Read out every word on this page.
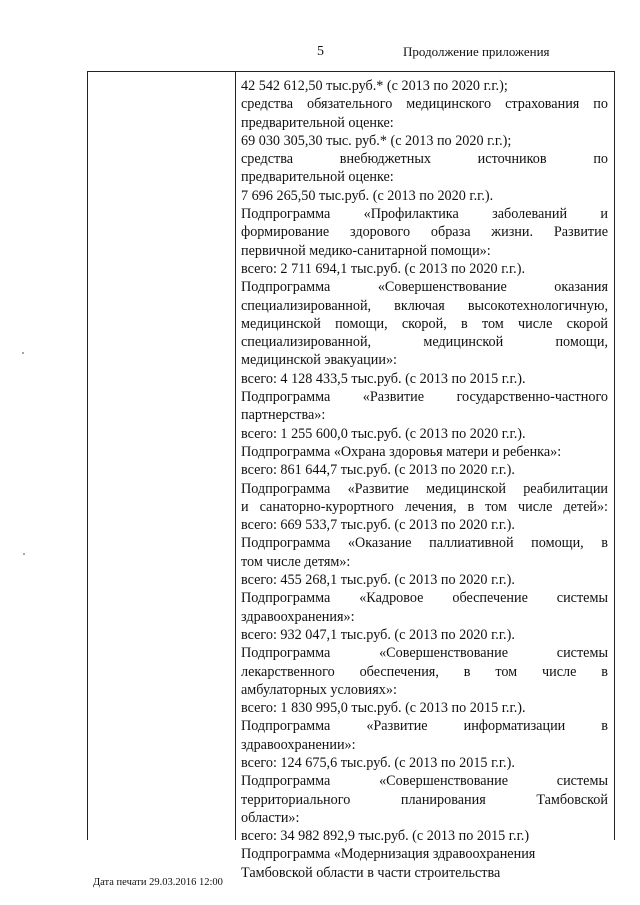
5	Продолжение приложения
42 542 612,50 тыс.руб.* (с 2013 по 2020 г.г.);
средства обязательного медицинского страхования по
предварительной оценке:
69 030 305,30 тыс. руб.* (с 2013 по 2020 г.г.);
средства внебюджетных источников по
предварительной оценке:
7 696 265,50 тыс.руб. (с 2013 по 2020 г.г.).
Подпрограмма «Профилактика заболеваний и
формирование здорового образа жизни. Развитие
первичной медико-санитарной помощи»:
всего: 2 711 694,1 тыс.руб. (с 2013 по 2020 г.г.).
Подпрограмма «Совершенствование оказания
специализированной, включая высокотехнологичную,
медицинской помощи, скорой, в том числе скорой
специализированной, медицинской помощи,
медицинской эвакуации»:
всего: 4 128 433,5 тыс.руб. (с 2013 по 2015 г.г.).
Подпрограмма «Развитие государственно-частного
партнерства»:
всего: 1 255 600,0 тыс.руб. (с 2013 по 2020 г.г.).
Подпрограмма «Охрана здоровья матери и ребенка»:
всего: 861 644,7 тыс.руб. (с 2013 по 2020 г.г.).
Подпрограмма «Развитие медицинской реабилитации
и санаторно-курортного лечения, в том числе детей»:
всего: 669 533,7 тыс.руб. (с 2013 по 2020 г.г.).
Подпрограмма «Оказание паллиативной помощи, в
том числе детям»:
всего: 455 268,1 тыс.руб. (с 2013 по 2020 г.г.).
Подпрограмма «Кадровое обеспечение системы
здравоохранения»:
всего: 932 047,1 тыс.руб. (с 2013 по 2020 г.г.).
Подпрограмма «Совершенствование системы
лекарственного обеспечения, в том числе в
амбулаторных условиях»:
всего: 1 830 995,0 тыс.руб. (с 2013 по 2015 г.г.).
Подпрограмма «Развитие информатизации в
здравоохранении»:
всего: 124 675,6 тыс.руб. (с 2013 по 2015 г.г.).
Подпрограмма «Совершенствование системы
территориального планирования Тамбовской
области»:
всего: 34 982 892,9 тыс.руб. (с 2013 по 2015 г.г.)
Подпрограмма «Модернизация здравоохранения
Тамбовской области в части строительства
Дата печати 29.03.2016 12:00
